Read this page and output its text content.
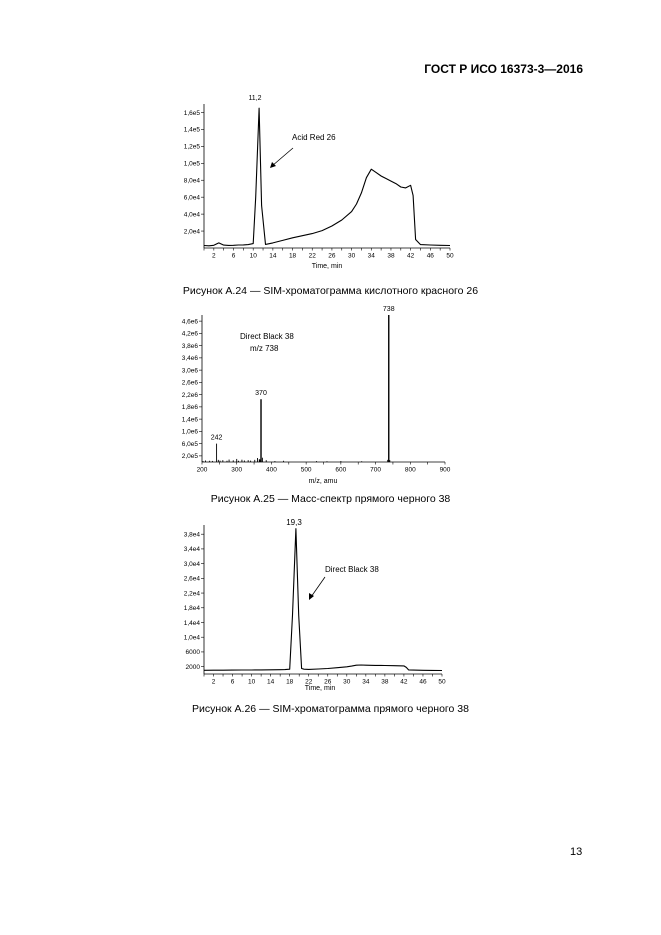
ГОСТ Р ИСО 16373-3—2016
2,0e4
4,0e4
6,0e4
8,0e4
1,0e5
1,2e5
1,4e5
1,6e5
2 6 10 14 18 22 26 30 34 38 42 46 50
11,2
Acid Red 26
Time, min
Рисунок A.24 — SIM-хроматограмма кислотного красного 26
2,0e5
6,0e5
1,0e6
1,4e6
1,8e6
2,2e6
2,6e6
3,0e6
3,4e6
3,8e6
4,2e6
4,6e6
200	300	400	500	600	700	800	900
242
370
738
Direct Black 38
m/z 738
m/z, amu
Рисунок A.25 — Масс-спектр прямого черного 38
2000
6000
1,0e4
1,4e4
1,8e4
2,2e4
2,6e4
3,0e4
3,4e4
3,8e4
2 6 10 14 18 22 26 30 34 38 42 46 50
19,3
Direct Black 38
Time, min
Рисунок A.26 — SIM-хроматограмма прямого черного 38
13
